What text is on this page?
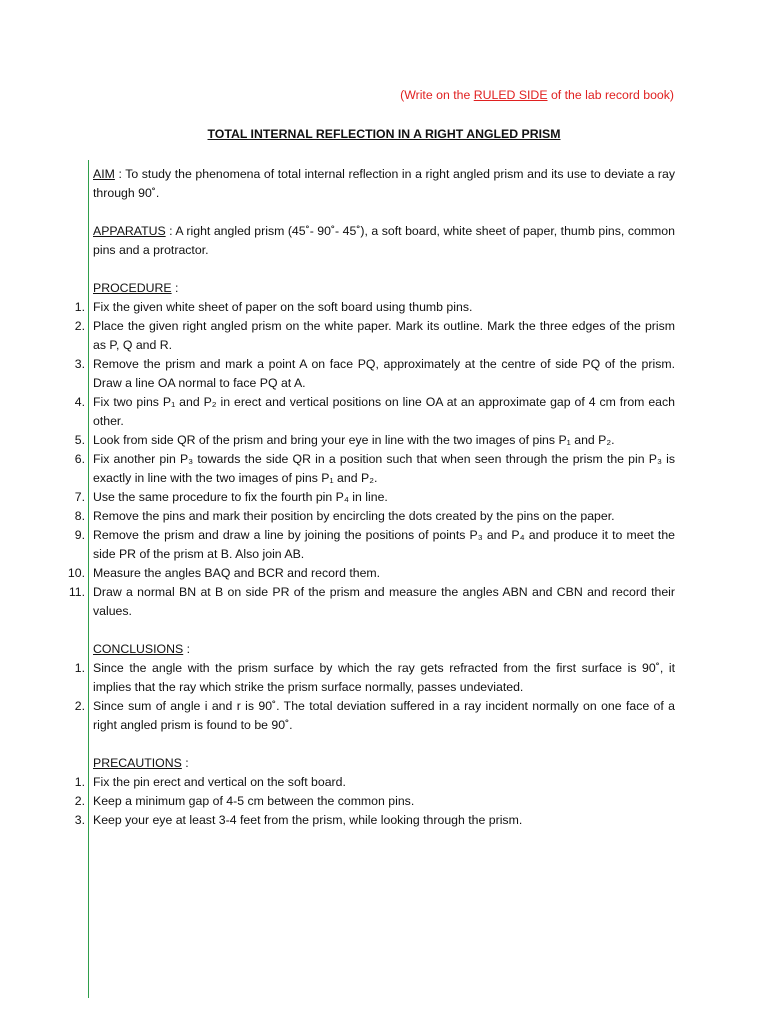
(Write on the RULED SIDE of the lab record book)
TOTAL INTERNAL REFLECTION IN A RIGHT ANGLED PRISM

AIM : To study the phenomena of total internal reflection in a right angled prism and its use to deviate a ray through 90˚.

APPARATUS : A right angled prism (45˚- 90˚- 45˚), a soft board, white sheet of paper, thumb pins, common pins and a protractor.

PROCEDURE :

1. Fix the given white sheet of paper on the soft board using thumb pins.
2. Place the given right angled prism on the white paper. Mark its outline. Mark the three edges of the prism as P, Q and R.
3. Remove the prism and mark a point A on face PQ, approximately at the centre of side PQ of the prism. Draw a line OA normal to face PQ at A.
4. Fix two pins P₁ and P₂ in erect and vertical positions on line OA at an approximate gap of 4 cm from each other.
5. Look from side QR of the prism and bring your eye in line with the two images of pins P₁ and P₂.
6. Fix another pin P₃ towards the side QR in a position such that when seen through the prism the pin P₃ is exactly in line with the two images of pins P₁ and P₂.
7. Use the same procedure to fix the fourth pin P₄ in line.
8. Remove the pins and mark their position by encircling the dots created by the pins on the paper.
9. Remove the prism and draw a line by joining the positions of points P₃ and P₄ and produce it to meet the side PR of the prism at B. Also join AB.
10. Measure the angles BAQ and BCR and record them.
11. Draw a normal BN at B on side PR of the prism and measure the angles ABN and CBN and record their values.

CONCLUSIONS :

1. Since the angle with the prism surface by which the ray gets refracted from the first surface is 90˚, it implies that the ray which strike the prism surface normally, passes undeviated.
2. Since sum of angle i and r is 90˚. The total deviation suffered in a ray incident normally on one face of a right angled prism is found to be 90˚.

PRECAUTIONS :

1. Fix the pin erect and vertical on the soft board.
2. Keep a minimum gap of 4-5 cm between the common pins.
3. Keep your eye at least 3-4 feet from the prism, while looking through the prism.
